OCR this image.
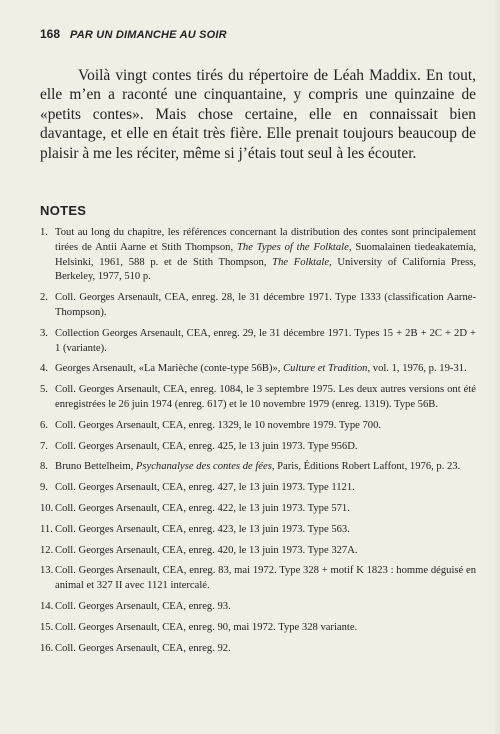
168 PAR UN DIMANCHE AU SOIR

Voilà vingt contes tirés du répertoire de Léah Maddix. En tout, elle m’en a raconté une cinquantaine, y compris une quinzaine de «petits contes». Mais chose certaine, elle en connaissait bien davantage, et elle en était très fière. Elle prenait toujours beaucoup de plaisir à me les réciter, même si j’étais tout seul à les écouter.

NOTES
1. Tout au long du chapitre, les références concernant la distribution des contes sont principalement tirées de Antii Aarne et Stith Thompson, The Types of the Folktale, Suomalainen tiedeakatemia, Helsinki, 1961, 588 p. et de Stith Thompson, The Folktale, University of California Press, Berkeley, 1977, 510 p.
2. Coll. Georges Arsenault, CEA, enreg. 28, le 31 décembre 1971. Type 1333 (classification Aarne-Thompson).
3. Collection Georges Arsenault, CEA, enreg. 29, le 31 décembre 1971. Types 15 + 2B + 2C + 2D + 1 (variante).
4. Georges Arsenault, «La Marièche (conte-type 56B)», Culture et Tradition, vol. 1, 1976, p. 19-31.
5. Coll. Georges Arsenault, CEA, enreg. 1084, le 3 septembre 1975. Les deux autres versions ont été enregistrées le 26 juin 1974 (enreg. 617) et le 10 novembre 1979 (enreg. 1319). Type 56B.
6. Coll. Georges Arsenault, CEA, enreg. 1329, le 10 novembre 1979. Type 700.
7. Coll. Georges Arsenault, CEA, enreg. 425, le 13 juin 1973. Type 956D.
8. Bruno Bettelheim, Psychanalyse des contes de fées, Paris, Éditions Robert Laffont, 1976, p. 23.
9. Coll. Georges Arsenault, CEA, enreg. 427, le 13 juin 1973. Type 1121.
10. Coll. Georges Arsenault, CEA, enreg. 422, le 13 juin 1973. Type 571.
11. Coll. Georges Arsenault, CEA, enreg. 423, le 13 juin 1973. Type 563.
12. Coll. Georges Arsenault, CEA, enreg. 420, le 13 juin 1973. Type 327A.
13. Coll. Georges Arsenault, CEA, enreg. 83, mai 1972. Type 328 + motif K 1823 : homme déguisé en animal et 327 II avec 1121 intercalé.
14. Coll. Georges Arsenault, CEA, enreg. 93.
15. Coll. Georges Arsenault, CEA, enreg. 90, mai 1972. Type 328 variante.
16. Coll. Georges Arsenault, CEA, enreg. 92.
